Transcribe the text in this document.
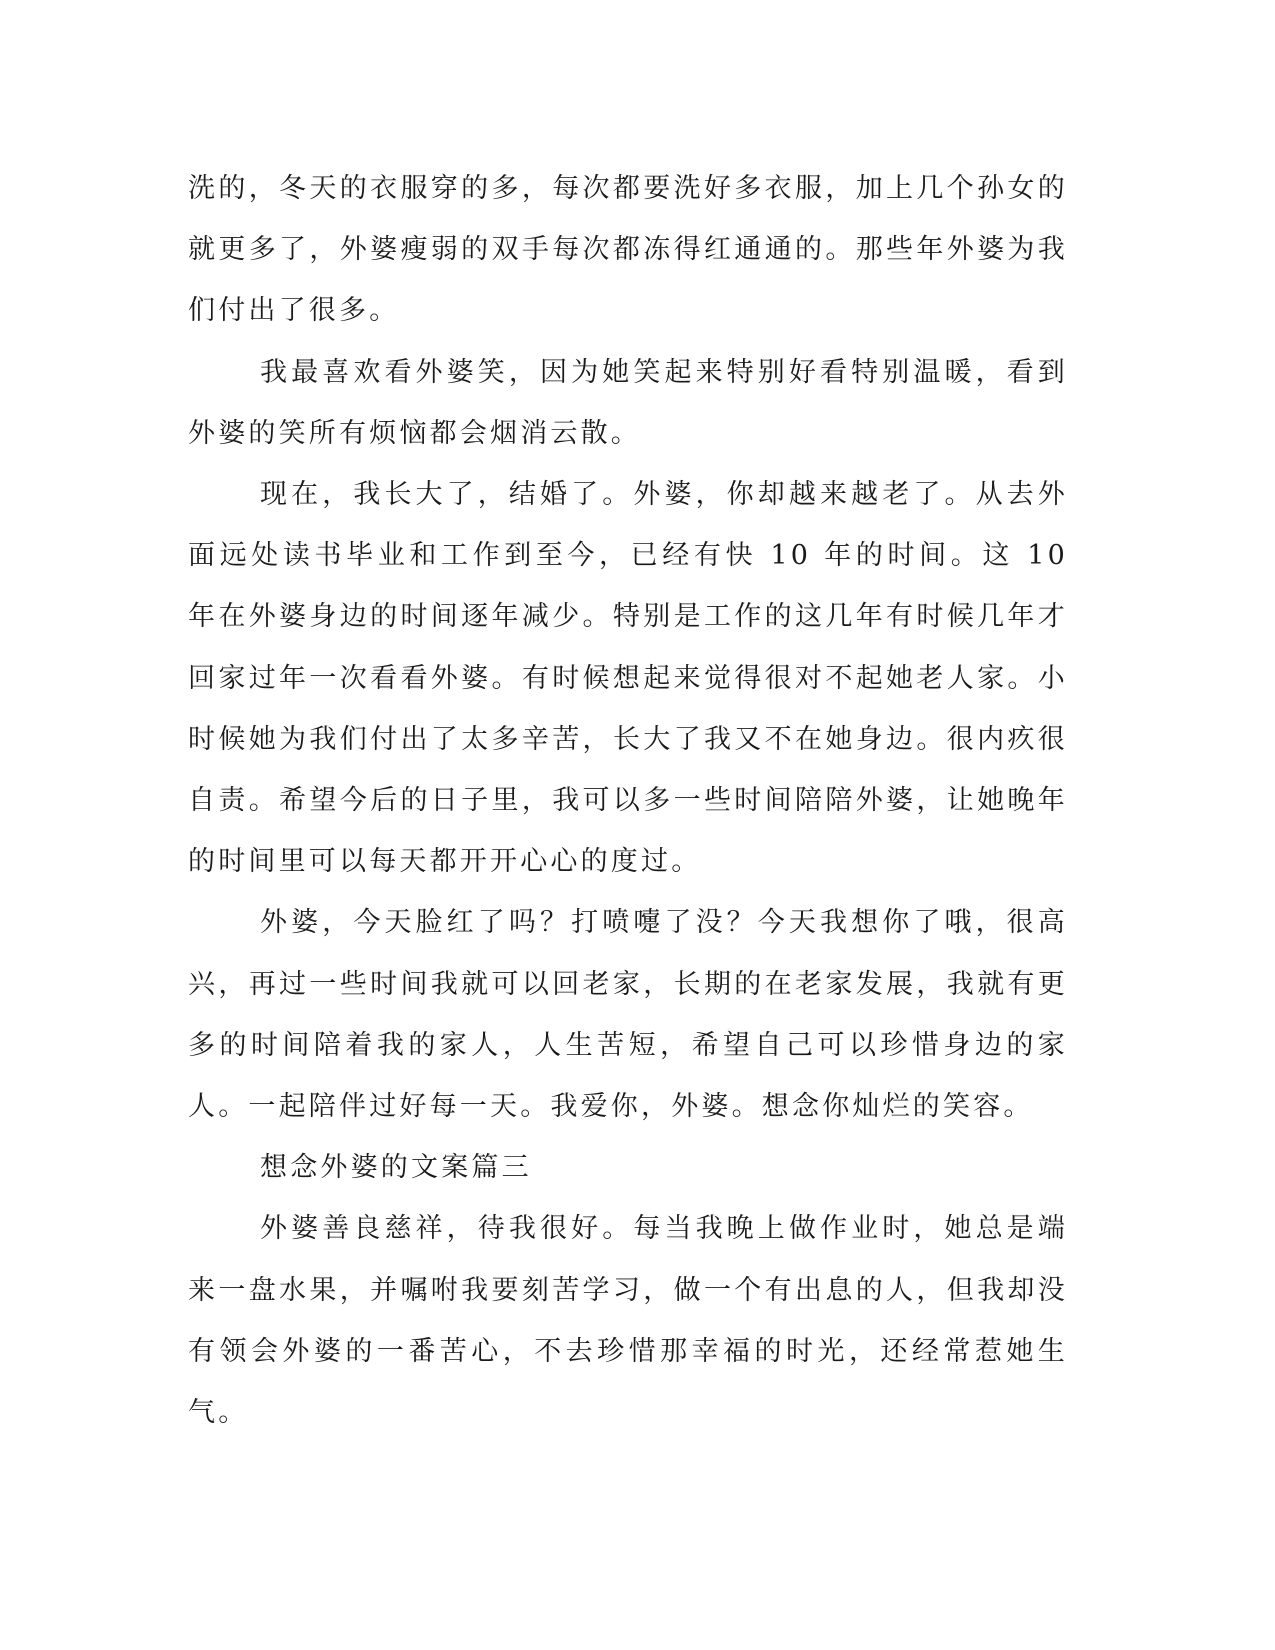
洗的，冬天的衣服穿的多，每次都要洗好多衣服，加上几个孙女的就更多了，外婆瘦弱的双手每次都冻得红通通的。那些年外婆为我们付出了很多。

我最喜欢看外婆笑，因为她笑起来特别好看特别温暖，看到外婆的笑所有烦恼都会烟消云散。

现在，我长大了，结婚了。外婆，你却越来越老了。从去外面远处读书毕业和工作到至今，已经有快 10 年的时间。这 10 年在外婆身边的时间逐年减少。特别是工作的这几年有时候几年才回家过年一次看看外婆。有时候想起来觉得很对不起她老人家。小时候她为我们付出了太多辛苦，长大了我又不在她身边。很内疚很自责。希望今后的日子里，我可以多一些时间陪陪外婆，让她晚年的时间里可以每天都开开心心的度过。

外婆，今天脸红了吗？打喷嚏了没？今天我想你了哦，很高兴，再过一些时间我就可以回老家，长期的在老家发展，我就有更多的时间陪着我的家人，人生苦短，希望自己可以珍惜身边的家人。一起陪伴过好每一天。我爱你，外婆。想念你灿烂的笑容。

想念外婆的文案篇三

外婆善良慈祥，待我很好。每当我晚上做作业时，她总是端来一盘水果，并嘱咐我要刻苦学习，做一个有出息的人，但我却没有领会外婆的一番苦心，不去珍惜那幸福的时光，还经常惹她生气。
